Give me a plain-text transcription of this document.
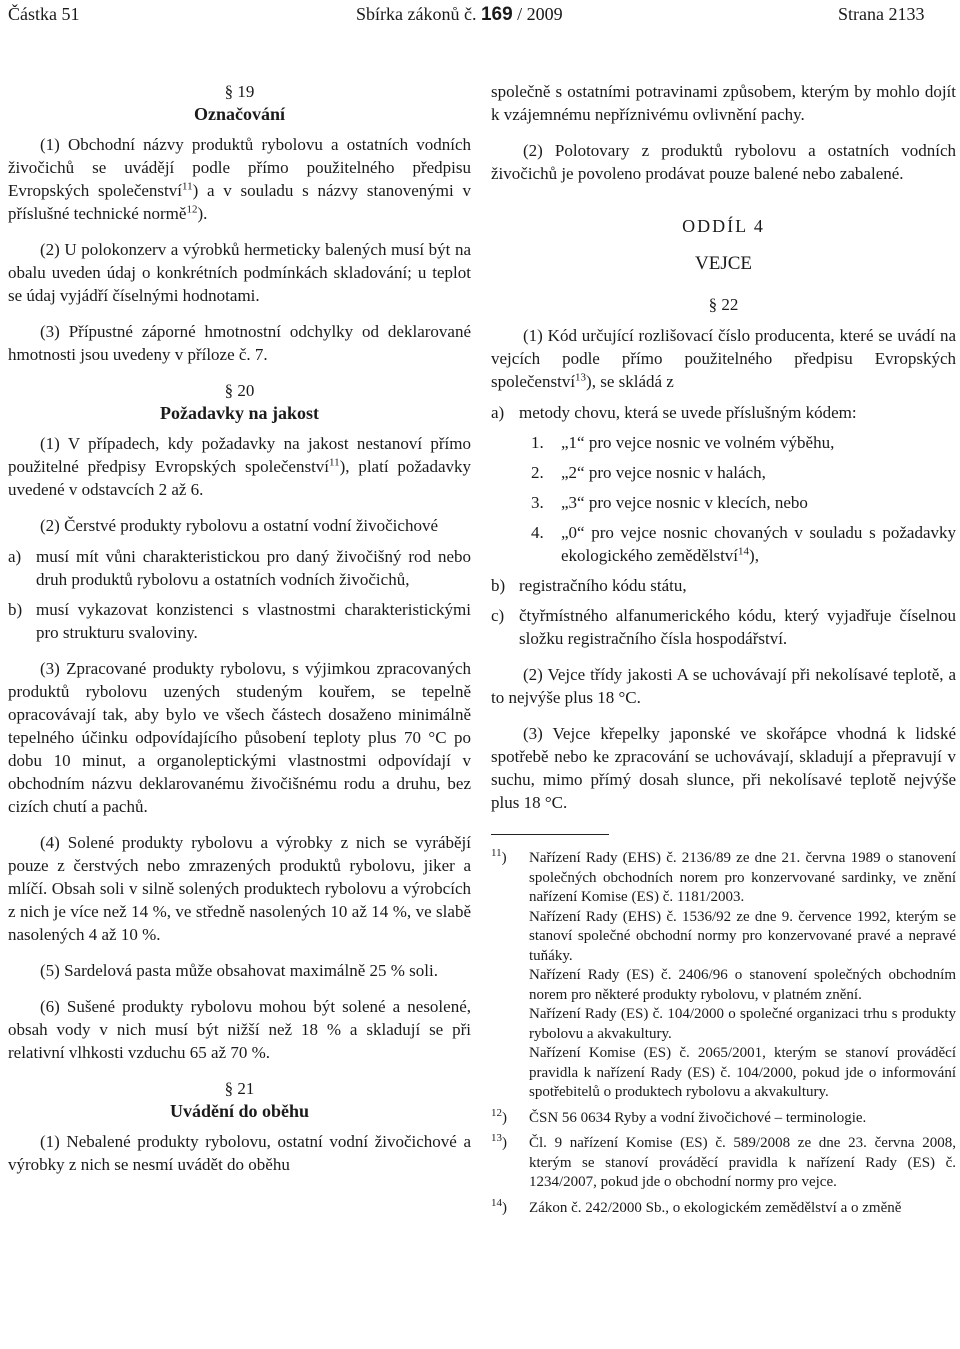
Částka 51	Sbírka zákonů č. 169 / 2009	Strana 2133
§ 19
Označování

(1) Obchodní názvy produktů rybolovu a ostatních vodních živočichů se uvádějí podle přímo použitelného předpisu Evropských společenství$^{11}$) a v souladu s názvy stanovenými v příslušné technické normě$^{12}$).

(2) U polokonzerv a výrobků hermeticky balených musí být na obalu uveden údaj o konkrétních podmínkách skladování; u teplot se údaj vyjádří číselnými hodnotami.

(3) Přípustné záporné hmotnostní odchylky od deklarované hmotnosti jsou uvedeny v příloze č. 7.

§ 20
Požadavky na jakost

(1) V případech, kdy požadavky na jakost nestanoví přímo použitelné předpisy Evropských společenství$^{11}$), platí požadavky uvedené v odstavcích 2 až 6.

(2) Čerstvé produkty rybolovu a ostatní vodní živočichové

a) musí mít vůni charakteristickou pro daný živočišný rod nebo druh produktů rybolovu a ostatních vodních živočichů,
b) musí vykazovat konzistenci s vlastnostmi charakteristickými pro strukturu svaloviny.

(3) Zpracované produkty rybolovu, s výjimkou zpracovaných produktů rybolovu uzených studeným kouřem, se tepelně opracovávají tak, aby bylo ve všech částech dosaženo minimálně tepelného účinku odpovídajícího působení teploty plus 70 °C po dobu 10 minut, a organoleptickými vlastnostmi odpovídají v obchodním názvu deklarovanému živočišnému rodu a druhu, bez cizích chutí a pachů.

(4) Solené produkty rybolovu a výrobky z nich se vyrábějí pouze z čerstvých nebo zmrazených produktů rybolovu, jiker a mlíčí. Obsah soli v silně solených produktech rybolovu a výrobcích z nich je více než 14 %, ve středně nasolených 10 až 14 %, ve slabě nasolených 4 až 10 %.

(5) Sardelová pasta může obsahovat maximálně 25 % soli.

(6) Sušené produkty rybolovu mohou být solené a nesolené, obsah vody v nich musí být nižší než 18 % a skladují se při relativní vlhkosti vzduchu 65 až 70 %.

§ 21
Uvádění do oběhu

(1) Nebalené produkty rybolovu, ostatní vodní živočichové a výrobky z nich se nesmí uvádět do oběhu

společně s ostatními potravinami způsobem, kterým by mohlo dojít k vzájemnému nepříznivému ovlivnění pachy.

(2) Polotovary z produktů rybolovu a ostatních vodních živočichů je povoleno prodávat pouze balené nebo zabalené.

ODDÍL 4
VEJCE
§ 22

(1) Kód určující rozlišovací číslo producenta, které se uvádí na vejcích podle přímo použitelného předpisu Evropských společenství$^{13}$), se skládá z

a) metody chovu, která se uvede příslušným kódem:
1.	„1“ pro vejce nosnic ve volném výběhu,
2.	„2“ pro vejce nosnic v halách,
3.	„3“ pro vejce nosnic v klecích, nebo
4.	„0“ pro vejce nosnic chovaných v souladu s požadavky ekologického zemědělství$^{14}$),
b) registračního kódu státu,
c) čtyřmístného alfanumerického kódu, který vyjadřuje číselnou složku registračního čísla hospodářství.

(2) Vejce třídy jakosti A se uchovávají při nekolísavé teplotě, a to nejvýše plus 18 °C.

(3) Vejce křepelky japonské ve skořápce vhodná k lidské spotřebě nebo ke zpracování se uchovávají, skladují a přepravují v suchu, mimo přímý dosah slunce, při nekolísavé teplotě nejvýše plus 18 °C.

$^{11}$)	Nařízení Rady (EHS) č. 2136/89 ze dne 21. června 1989 o stanovení společných obchodních norem pro konzervované sardinky, ve znění nařízení Komise (ES) č. 1181/2003.
Nařízení Rady (EHS) č. 1536/92 ze dne 9. července 1992, kterým se stanoví společné obchodní normy pro konzervované pravé a nepravé tuňáky.
Nařízení Rady (ES) č. 2406/96 o stanovení společných obchodním norem pro některé produkty rybolovu, v platném znění.
Nařízení Rady (ES) č. 104/2000 o společné organizaci trhu s produkty rybolovu a akvakultury.
Nařízení Komise (ES) č. 2065/2001, kterým se stanoví prováděcí pravidla k nařízení Rady (ES) č. 104/2000, pokud jde o informování spotřebitelů o produktech rybolovu a akvakultury.
$^{12}$)	ČSN 56 0634 Ryby a vodní živočichové – terminologie.
$^{13}$)	Čl. 9 nařízení Komise (ES) č. 589/2008 ze dne 23. června 2008, kterým se stanoví prováděcí pravidla k nařízení Rady (ES) č. 1234/2007, pokud jde o obchodní normy pro vejce.
$^{14}$)	Zákon č. 242/2000 Sb., o ekologickém zemědělství a o změně
